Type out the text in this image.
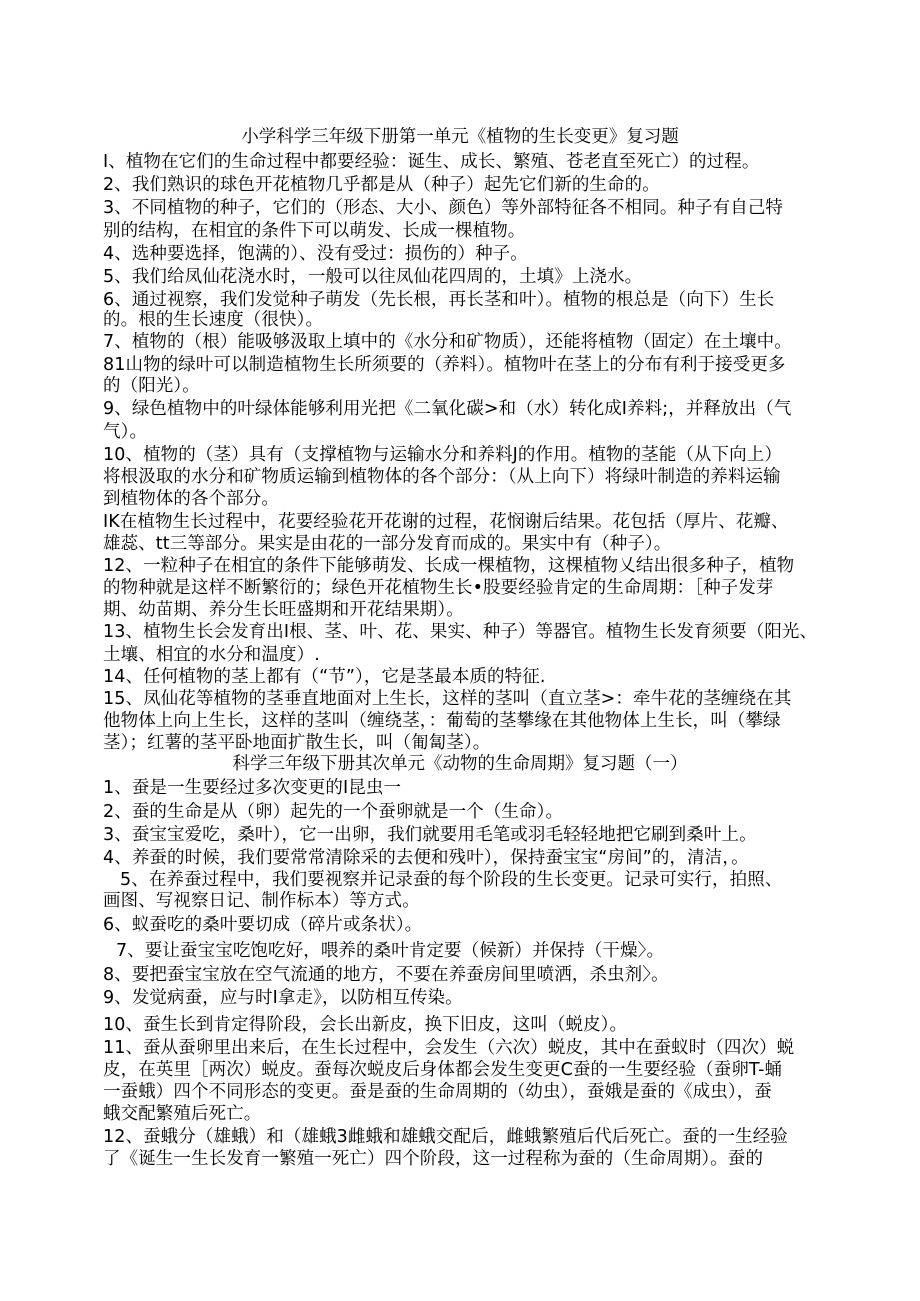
小学科学三年级下册第一单元《植物的生长变更》复习题
I、植物在它们的生命过程中都要经验：诞生、成长、繁殖、苍老直至死亡）的过程。
2、我们熟识的球色开花植物几乎都是从（种子）起先它们新的生命的。
3、不同植物的种子，它们的（形态、大小、颜色）等外部特征各不相同。种子有自己特
别的结构，在相宜的条件下可以萌发、长成一棵植物。
4、选种要选择，饱满的）、没有受过：损伤的）种子。
5、我们给凤仙花浇水时，一般可以往凤仙花四周的，土填》上浇水。
6、通过视察，我们发觉种子萌发（先长根，再长茎和叶）。植物的根总是（向下）生长
的。根的生长速度（很快）。
7、植物的（根）能吸够汲取上填中的《水分和矿物质），还能将植物（固定）在土壤中。
81山物的绿叶可以制造植物生长所须要的（养料）。植物叶在茎上的分布有利于接受更多
的（阳光）。
9、绿色植物中的叶绿体能够利用光把《二氧化碳>和（水）转化成I养料;，并释放出（气
气）。
10、植物的（茎）具有（支撑植物与运输水分和养料J的作用。植物的茎能（从下向上）
将根汲取的水分和矿物质运输到植物体的各个部分：（从上向下）将绿叶制造的养料运输
到植物体的各个部分。
IK在植物生长过程中，花要经验花开花谢的过程，花悯谢后结果。花包括（厚片、花瓣、
雄蕊、tt三等部分。果实是由花的一部分发育而成的。果实中有（种子）。
12、一粒种子在相宜的条件下能够萌发、长成一棵植物，这棵植物乂结出很多种子，植物
的物种就是这样不断繁衍的；绿色开花植物生长•股要经验肯定的生命周期：［种子发芽
期、幼苗期、养分生长旺盛期和开花结果期）。
13、植物生长会发育出I根、茎、叶、花、果实、种子）等器官。植物生长发育须要（阳光、
土壤、相宜的水分和温度）.
14、任何植物的茎上都有（“节”），它是茎最本质的特征.
15、凤仙花等植物的茎垂直地面对上生长，这样的茎叫（直立茎>：牵牛花的茎缠绕在其
他物体上向上生长，这样的茎叫（缠绕茎，：葡萄的茎攀缘在其他物体上生长，叫（攀绿
茎）；红薯的茎平卧地面扩散生长，叫（匍匐茎）。
科学三年级下册其次单元《动物的生命周期》复习题（一）
1、蚕是一生要经过多次变更的I昆虫一
2、蚕的生命是从（卵）起先的一个蚕卵就是一个（生命）。
3、蚕宝宝爱吃，桑叶），它一出卵，我们就要用毛笔或羽毛轻轻地把它刷到桑叶上。
4、养蚕的时候，我们要常常清除采的去便和残叶），保持蚕宝宝“房间”的，清洁，。
5、在养蚕过程中，我们要视察并记录蚕的每个阶段的生长变更。记录可实行，拍照、
画图、写视察日记、制作标本）等方式。
6、蚁蚕吃的桑叶要切成（碎片或条状）。
7、要让蚕宝宝吃饱吃好，喂养的桑叶肯定要（候新）并保持（干燥〉。
8、要把蚕宝宝放在空气流通的地方，不要在养蚕房间里喷洒，杀虫剂〉。
9、发觉病蚕，应与时I拿走》，以防相互传染。
10、蚕生长到肯定得阶段，会长出新皮，换下旧皮，这叫（蜕皮）。
11、蚕从蚕卵里出来后，在生长过程中，会发生（六次）蜕皮，其中在蚕蚁时（四次）蜕
皮，在英里［两次）蜕皮。蚕每次蜕皮后身体都会发生变更C蚕的一生要经验（蚕卵T-蛹
一蚕蛾）四个不同形态的变更。蚕是蚕的生命周期的（幼虫），蚕娥是蚕的《成虫），蚕
蛾交配繁殖后死亡。
12、蚕蛾分（雄蛾）和（雄蛾3雌蛾和雄蛾交配后，雌蛾繁殖后代后死亡。蚕的一生经验
了《诞生一生长发育一繁殖一死亡）四个阶段，这一过程称为蚕的（生命周期）。蚕的
